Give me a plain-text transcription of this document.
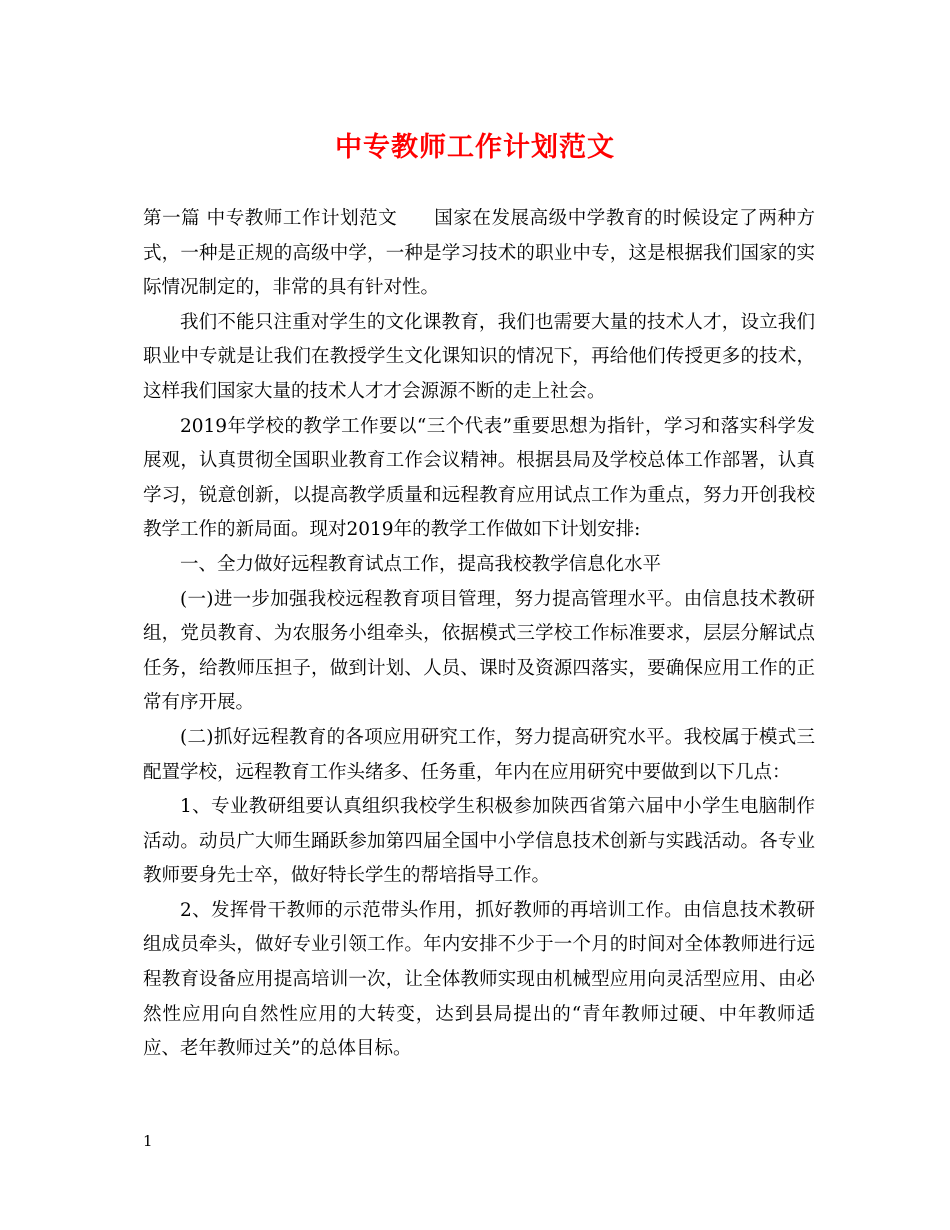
中专教师工作计划范文

第一篇 中专教师工作计划范文 国家在发展高级中学教育的时候设定了两种方式，一种是正规的高级中学，一种是学习技术的职业中专，这是根据我们国家的实际情况制定的，非常的具有针对性。

我们不能只注重对学生的文化课教育，我们也需要大量的技术人才，设立我们职业中专就是让我们在教授学生文化课知识的情况下，再给他们传授更多的技术，这样我们国家大量的技术人才才会源源不断的走上社会。

2019年学校的教学工作要以“三个代表”重要思想为指针，学习和落实科学发展观，认真贯彻全国职业教育工作会议精神。根据县局及学校总体工作部署，认真学习，锐意创新，以提高教学质量和远程教育应用试点工作为重点，努力开创我校教学工作的新局面。现对2019年的教学工作做如下计划安排:

一、全力做好远程教育试点工作，提高我校教学信息化水平

(一)进一步加强我校远程教育项目管理，努力提高管理水平。由信息技术教研组，党员教育、为农服务小组牵头，依据模式三学校工作标准要求，层层分解试点任务，给教师压担子，做到计划、人员、课时及资源四落实，要确保应用工作的正常有序开展。

(二)抓好远程教育的各项应用研究工作，努力提高研究水平。我校属于模式三配置学校，远程教育工作头绪多、任务重，年内在应用研究中要做到以下几点：

1、专业教研组要认真组织我校学生积极参加陕西省第六届中小学生电脑制作活动。动员广大师生踊跃参加第四届全国中小学信息技术创新与实践活动。各专业教师要身先士卒，做好特长学生的帮培指导工作。

2、发挥骨干教师的示范带头作用，抓好教师的再培训工作。由信息技术教研组成员牵头，做好专业引领工作。年内安排不少于一个月的时间对全体教师进行远程教育设备应用提高培训一次，让全体教师实现由机械型应用向灵活型应用、由必然性应用向自然性应用的大转变，达到县局提出的“青年教师过硬、中年教师适应、老年教师过关”的总体目标。

1
